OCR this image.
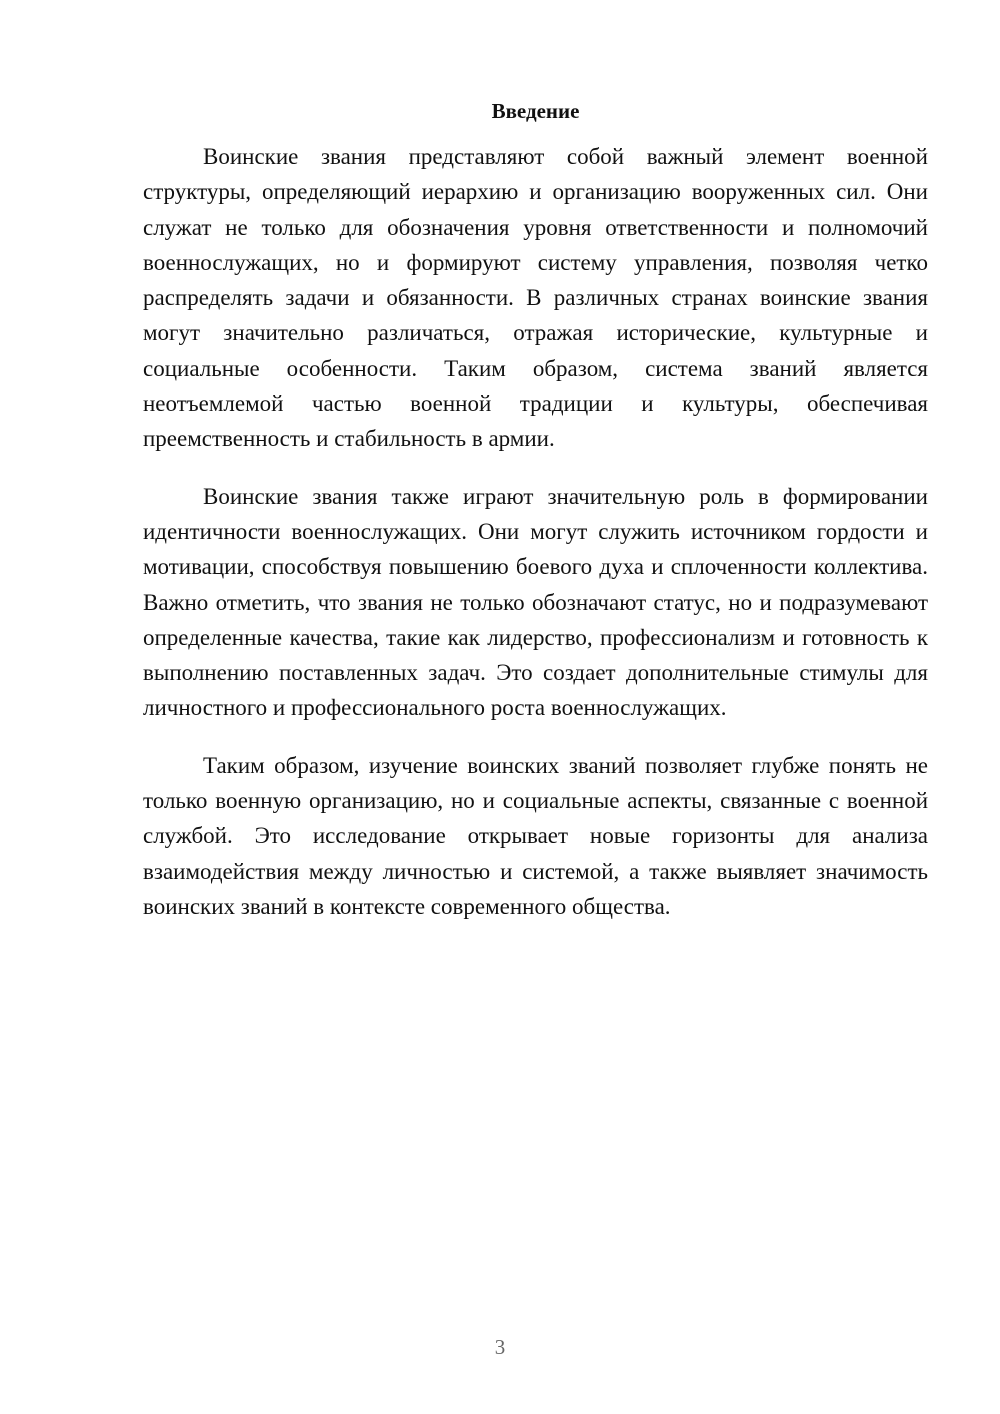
Введение

Воинские звания представляют собой важный элемент военной структуры, определяющий иерархию и организацию вооруженных сил. Они служат не только для обозначения уровня ответственности и полномочий военнослужащих, но и формируют систему управления, позволяя четко распределять задачи и обязанности. В различных странах воинские звания могут значительно различаться, отражая исторические, культурные и социальные особенности. Таким образом, система званий является неотъемлемой частью военной традиции и культуры, обеспечивая преемственность и стабильность в армии.

Воинские звания также играют значительную роль в формировании идентичности военнослужащих. Они могут служить источником гордости и мотивации, способствуя повышению боевого духа и сплоченности коллектива. Важно отметить, что звания не только обозначают статус, но и подразумевают определенные качества, такие как лидерство, профессионализм и готовность к выполнению поставленных задач. Это создает дополнительные стимулы для личностного и профессионального роста военнослужащих.

Таким образом, изучение воинских званий позволяет глубже понять не только военную организацию, но и социальные аспекты, связанные с военной службой. Это исследование открывает новые горизонты для анализа взаимодействия между личностью и системой, а также выявляет значимость воинских званий в контексте современного общества.

3
